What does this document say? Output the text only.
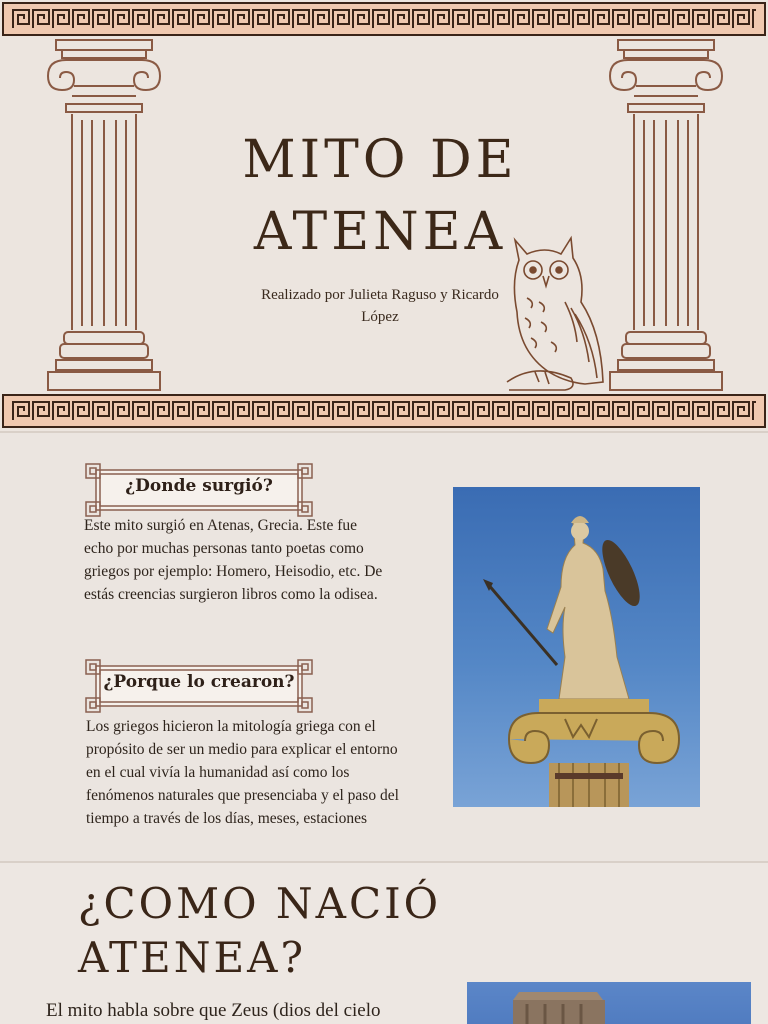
MITO DE
ATENEA
Realizado por Julieta Raguso y Ricardo López
¿Donde surgió?
Este mito surgió en Atenas, Grecia. Este fue echo por muchas personas tanto poetas como griegos por ejemplo: Homero, Heisodio, etc. De estás creencias surgieron libros como la odisea.
¿Porque lo crearon?
Los griegos hicieron la mitología griega con el propósito de ser un medio para explicar el entorno en el cual vivía la humanidad así como los fenómenos naturales que presenciaba y el paso del tiempo a través de los días, meses, estaciones
¿COMO NACIÓ
ATENEA?
El mito habla sobre que Zeus (dios del cielo
